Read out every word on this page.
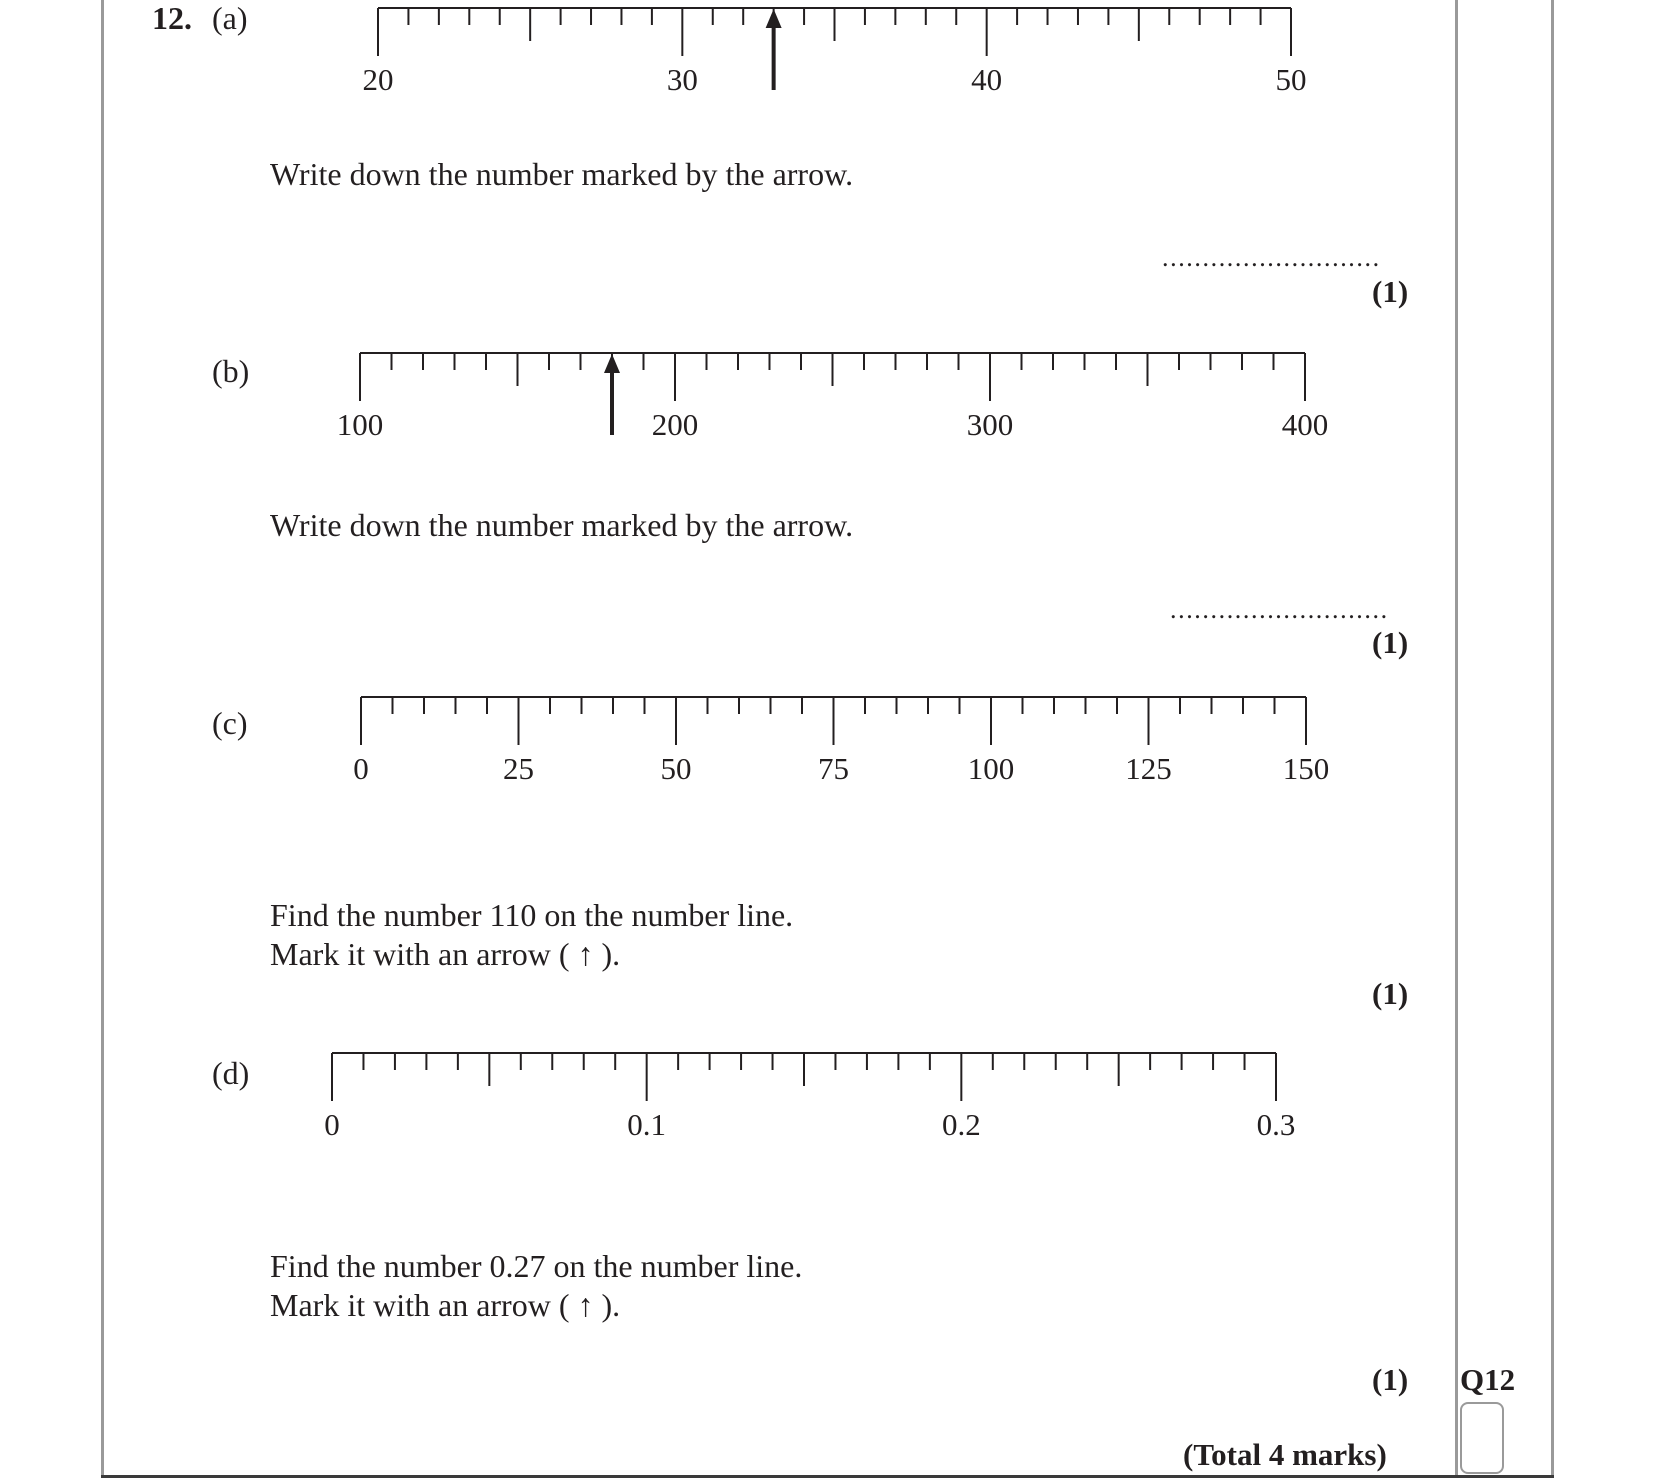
12. (a)
20	30	40	50
Write down the number marked by the arrow.
...........................
(1)
(b)
100	200	300	400
Write down the number marked by the arrow.
...........................
(1)
(c)
0	25	50	75	100	125	150
Find the number 110 on the number line.
Mark it with an arrow ( ↑ ).
(1)
(d)
0	0.1	0.2	0.3
Find the number 0.27 on the number line.
Mark it with an arrow ( ↑ ).
(1) Q12
(Total 4 marks)
